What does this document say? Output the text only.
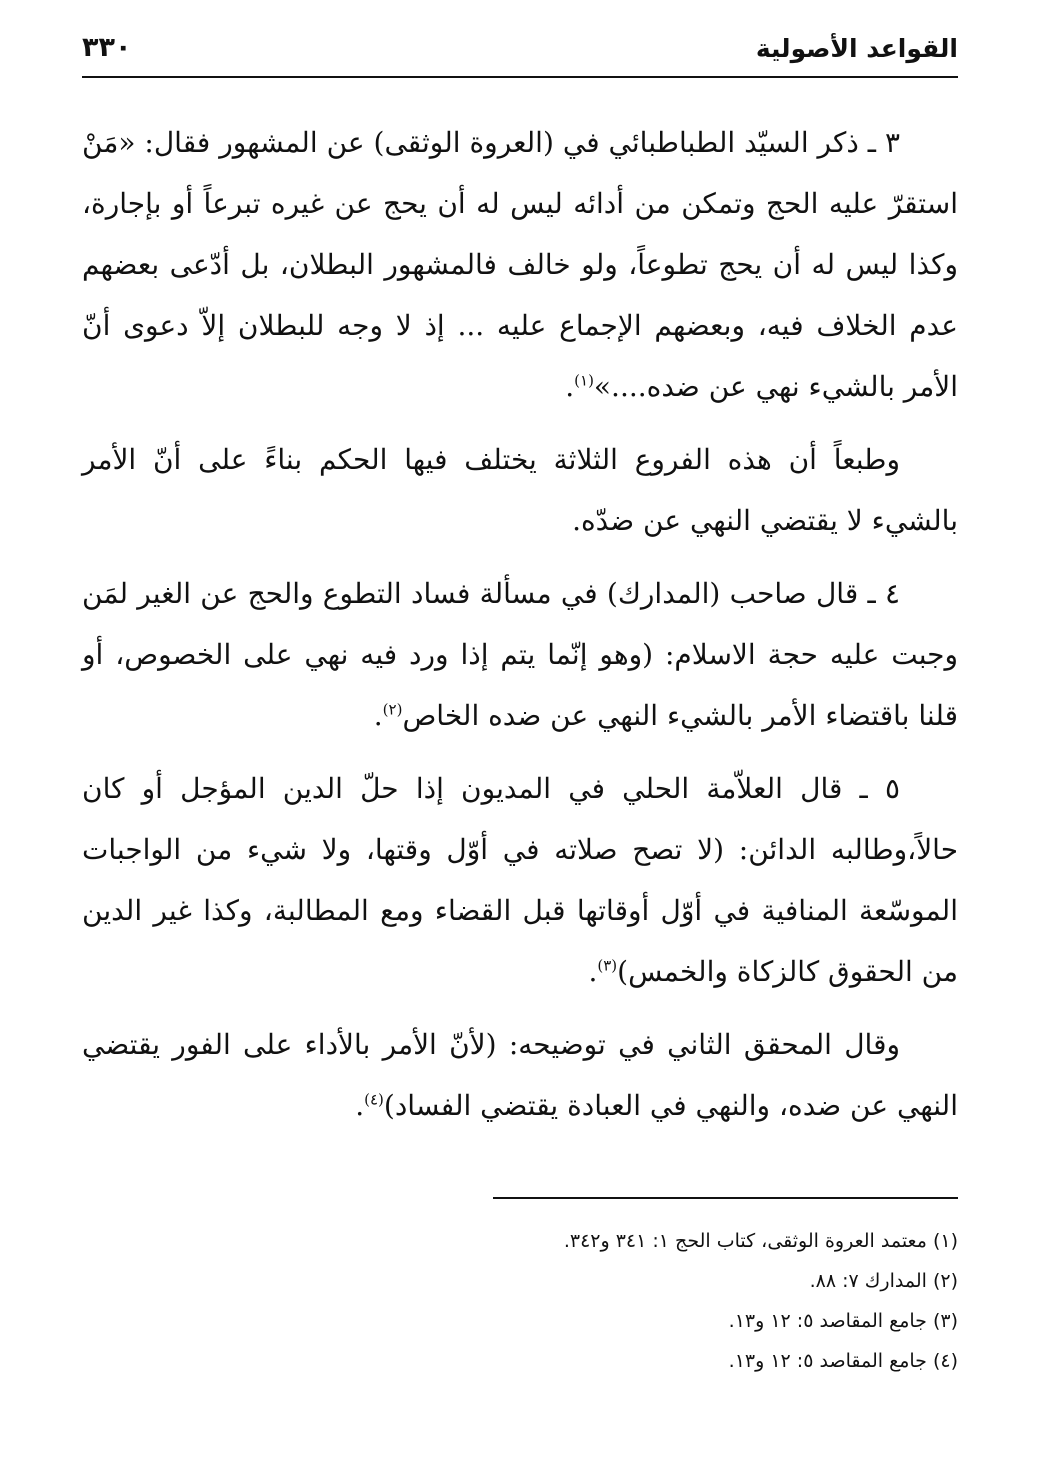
القواعد الأصولية
٣٣٠

٣ ـ ذكر السيّد الطباطبائي في (العروة الوثقى) عن المشهور فقال: «مَنْ استقرّ عليه الحج وتمكن من أدائه ليس له أن يحج عن غيره تبرعاً أو بإجارة، وكذا ليس له أن يحج تطوعاً، ولو خالف فالمشهور البطلان، بل أدّعى بعضهم عدم الخلاف فيه، وبعضهم الإجماع عليه ... إذ لا وجه للبطلان إلاّ دعوى أنّ الأمر بالشيء نهي عن ضده....»$^{(١)}$.

وطبعاً أن هذه الفروع الثلاثة يختلف فيها الحكم بناءً على أنّ الأمر بالشيء لا يقتضي النهي عن ضدّه.

٤ ـ قال صاحب (المدارك) في مسألة فساد التطوع والحج عن الغير لمَن وجبت عليه حجة الاسلام: (وهو إنّما يتم إذا ورد فيه نهي على الخصوص، أو قلنا باقتضاء الأمر بالشيء النهي عن ضده الخاص$^{(٢)}$.

٥ ـ قال العلاّمة الحلي في المديون إذا حلّ الدين المؤجل أو كان حالاً،وطالبه الدائن: (لا تصح صلاته في أوّل وقتها، ولا شيء من الواجبات الموسّعة المنافية في أوّل أوقاتها قبل القضاء ومع المطالبة، وكذا غير الدين من الحقوق كالزكاة والخمس)$^{(٣)}$.

وقال المحقق الثاني في توضيحه: (لأنّ الأمر بالأداء على الفور يقتضي النهي عن ضده، والنهي في العبادة يقتضي الفساد)$^{(٤)}$.

(١) معتمد العروة الوثقى، كتاب الحج ١: ٣٤١ و٣٤٢.
(٢) المدارك ٧: ٨٨.
(٣) جامع المقاصد ٥: ١٢ و١٣.
(٤) جامع المقاصد ٥: ١٢ و١٣.
